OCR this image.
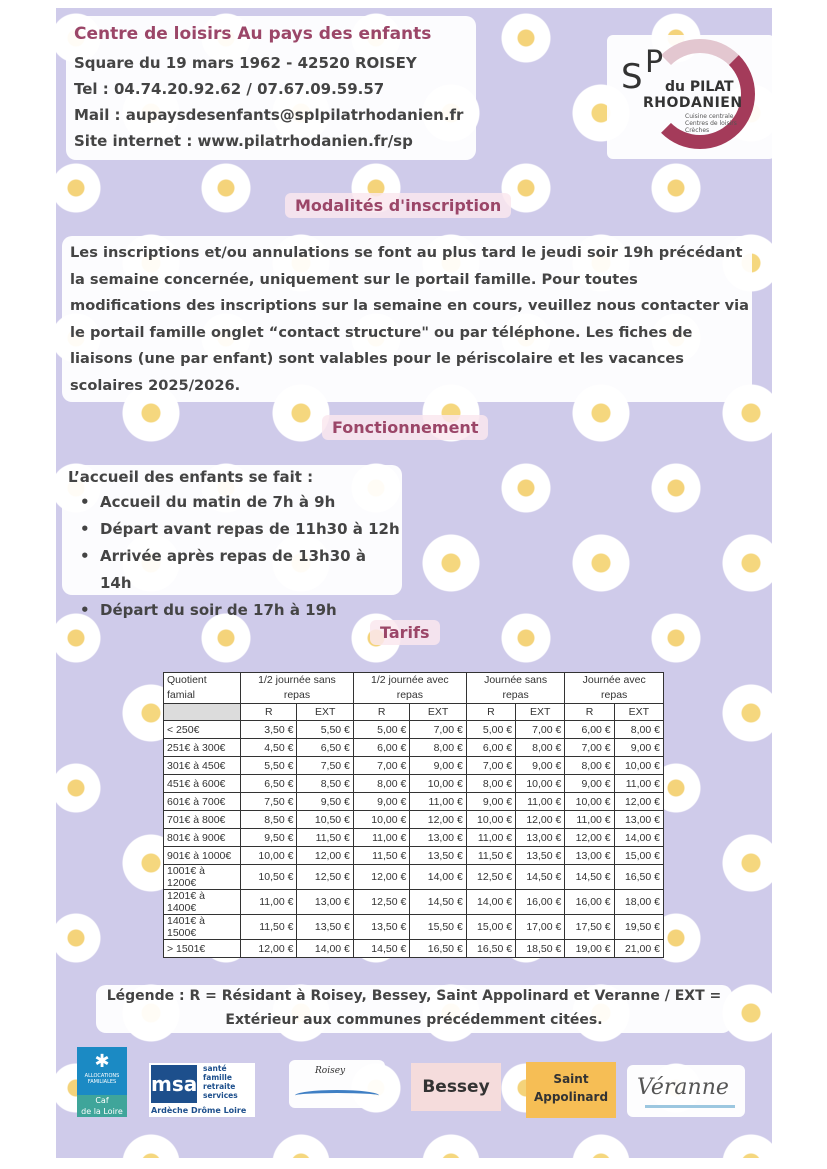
Centre de loisirs Au pays des enfants
Square du 19 mars 1962 - 42520 ROISEY
Tel : 04.74.20.92.62 / 07.67.09.59.57
Mail : aupaysdesenfants@splpilatrhodanien.fr
Site internet : www.pilatrhodanien.fr/sp
S P
du PILAT
RHODANIEN
Cuisine centrale Centres de loisirs Crèches
Modalités d'inscription

Les inscriptions et/ou annulations se font au plus tard le jeudi soir 19h précédant la semaine concernée, uniquement sur le portail famille. Pour toutes modifications des inscriptions sur la semaine en cours, veuillez nous contacter via le portail famille onglet “contact structure" ou par téléphone. Les fiches de liaisons (une par enfant) sont valables pour le périscolaire et les vacances scolaires 2025/2026.

Fonctionnement
L’accueil des enfants se fait :
• Accueil du matin de 7h à 9h
• Départ avant repas de 11h30 à 12h
• Arrivée après repas de 13h30 à 14h
• Départ du soir de 17h à 19h
Tarifs
Quotient famial	1/2 journée sans repas		1/2 journée avec repas		Journée sans repas		Journée avec repas	
	R	EXT	R	EXT	R	EXT	R	EXT
< 250€	3,50 €	5,50 €	5,00 €	7,00 €	5,00 €	7,00 €	6,00 €	8,00 €
251€ à 300€	4,50 €	6,50 €	6,00 €	8,00 €	6,00 €	8,00 €	7,00 €	9,00 €
301€ à 450€	5,50 €	7,50 €	7,00 €	9,00 €	7,00 €	9,00 €	8,00 €	10,00 €
451€ à 600€	6,50 €	8,50 €	8,00 €	10,00 €	8,00 €	10,00 €	9,00 €	11,00 €
601€ à 700€	7,50 €	9,50 €	9,00 €	11,00 €	9,00 €	11,00 €	10,00 €	12,00 €
701€ à 800€	8,50 €	10,50 €	10,00 €	12,00 €	10,00 €	12,00 €	11,00 €	13,00 €
801€ à 900€	9,50 €	11,50 €	11,00 €	13,00 €	11,00 €	13,00 €	12,00 €	14,00 €
901€ à 1000€	10,00 €	12,00 €	11,50 €	13,50 €	11,50 €	13,50 €	13,00 €	15,00 €
1001€ à 1200€	10,50 €	12,50 €	12,00 €	14,00 €	12,50 €	14,50 €	14,50 €	16,50 €
1201€ à 1400€	11,00 €	13,00 €	12,50 €	14,50 €	14,00 €	16,00 €	16,00 €	18,00 €
1401€ à 1500€	11,50 €	13,50 €	13,50 €	15,50 €	15,00 €	17,00 €	17,50 €	19,50 €
> 1501€	12,00 €	14,00 €	14,50 €	16,50 €	16,50 €	18,50 €	19,00 €	21,00 €
Légende : R = Résidant à Roisey, Bessey, Saint Appolinard et Veranne / EXT =
Extérieur aux communes précédemment citées.
✱
ALLOCATIONS FAMILIALES
Caf
de la Loire
msa
santé
famille
retraite
services
Ardèche Drôme Loire
Roisey
Bessey	Saint
Appolinard	Véranne
